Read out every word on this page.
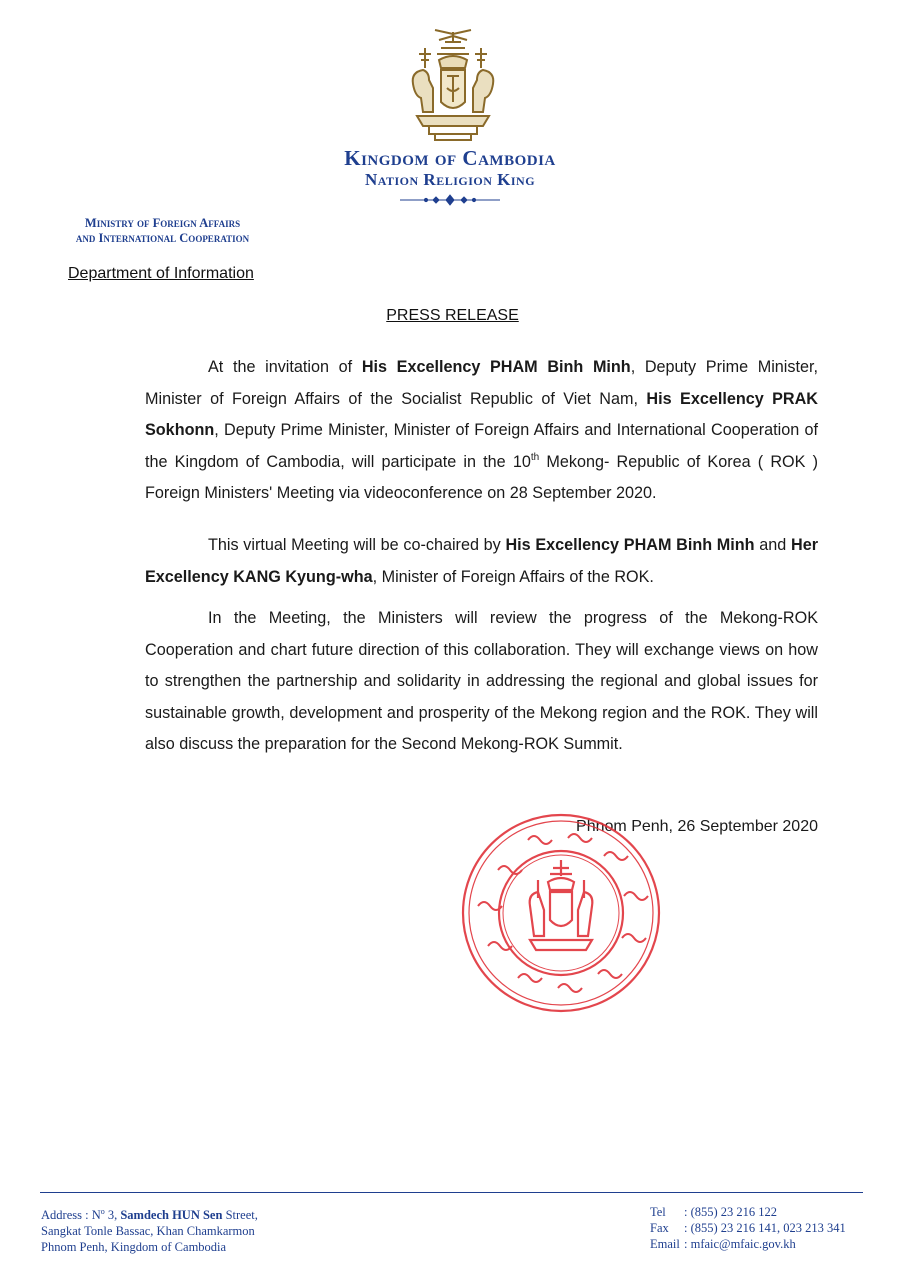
Kingdom of Cambodia
Nation Religion King
Ministry of Foreign Affairs
and International Cooperation
Department of Information
PRESS RELEASE

At the invitation of His Excellency PHAM Binh Minh, Deputy Prime Minister, Minister of Foreign Affairs of the Socialist Republic of Viet Nam, His Excellency PRAK Sokhonn, Deputy Prime Minister, Minister of Foreign Affairs and International Cooperation of the Kingdom of Cambodia, will participate in the 10th Mekong- Republic of Korea ( ROK ) Foreign Ministers' Meeting via videoconference on 28 September 2020.

This virtual Meeting will be co-chaired by His Excellency PHAM Binh Minh and Her Excellency KANG Kyung-wha, Minister of Foreign Affairs of the ROK.

In the Meeting, the Ministers will review the progress of the Mekong-ROK Cooperation and chart future direction of this collaboration. They will exchange views on how to strengthen the partnership and solidarity in addressing the regional and global issues for sustainable growth, development and prosperity of the Mekong region and the ROK. They will also discuss the preparation for the Second Mekong-ROK Summit.

Phnom Penh, 26 September 2020
Address : $N^o$ 3, Samdech HUN Sen Street,
Sangkat Tonle Bassac, Khan Chamkarmon
Phnom Penh, Kingdom of Cambodia
Tel : (855) 23 216 122
Fax : (855) 23 216 141, 023 213 341
Email : mfaic@mfaic.gov.kh
